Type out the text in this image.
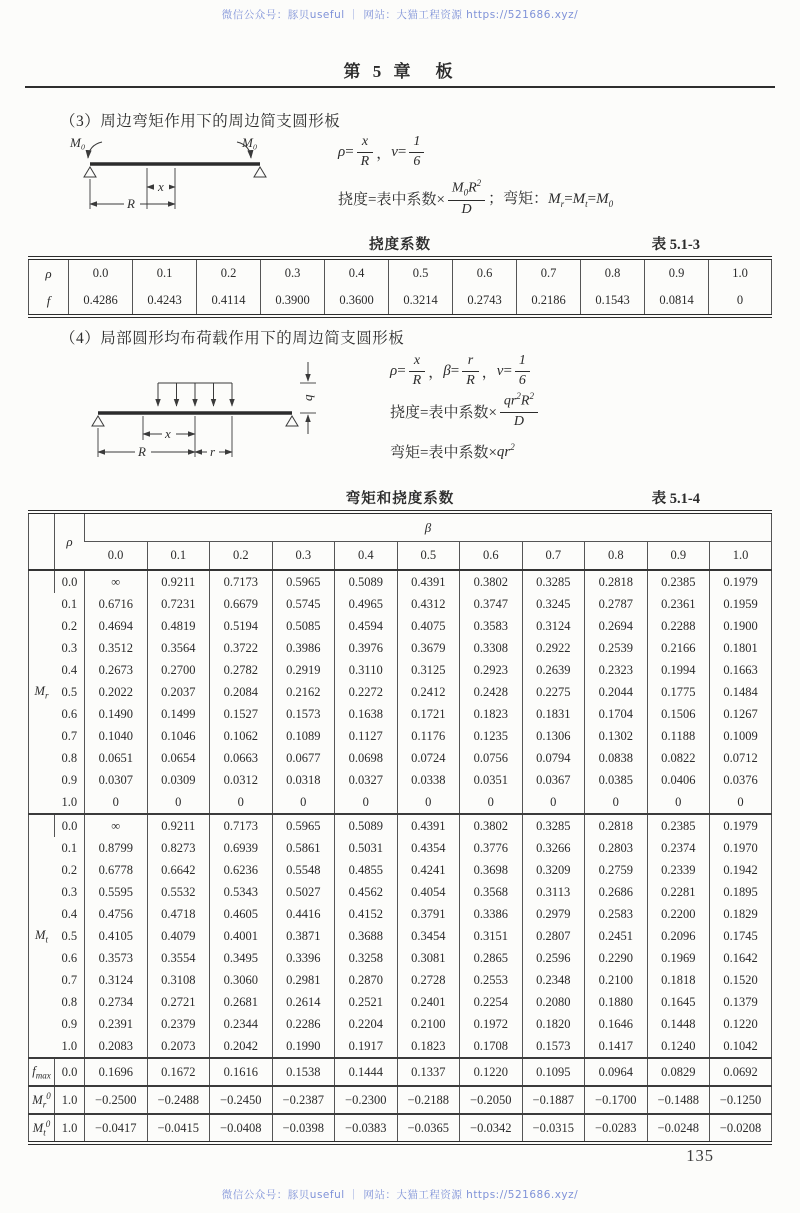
微信公众号：豚贝useful ｜ 网站：大猫工程资源 https://521686.xyz/
第 5 章　板
（3）周边弯矩作用下的周边简支圆形板
M₀	M₀
x
R
$\rho= \frac{x}{R}$ ， $\nu= \frac{1}{6}$
挠度=表中系数× $\frac{M_0R^2}{D}$ ；弯矩：$M_r=M_t=M_0$
挠度系数	表 5.1-3
ρ	0.0	0.1	0.2	0.3	0.4	0.5	0.6	0.7	0.8	0.9	1.0
f	0.4286	0.4243	0.4114	0.3900	0.3600	0.3214	0.2743	0.2186	0.1543	0.0814	0
（4）局部圆形均布荷载作用下的周边简支圆形板
q
x
R	r
$\rho= \frac{x}{R}$ ， $\beta= \frac{r}{R}$ ， $\nu= \frac{1}{6}$
挠度=表中系数× $\frac{qr^2R^2}{D}$
弯矩=表中系数× $qr^2$
弯矩和挠度系数	表 5.1-4
	ρ	β										
		0.0	0.1	0.2	0.3	0.4	0.5	0.6	0.7	0.8	0.9	1.0
$M_r$	0.0	∞	0.9211	0.7173	0.5965	0.5089	0.4391	0.3802	0.3285	0.2818	0.2385	0.1979
	0.1	0.6716	0.7231	0.6679	0.5745	0.4965	0.4312	0.3747	0.3245	0.2787	0.2361	0.1959
	0.2	0.4694	0.4819	0.5194	0.5085	0.4594	0.4075	0.3583	0.3124	0.2694	0.2288	0.1900
	0.3	0.3512	0.3564	0.3722	0.3986	0.3976	0.3679	0.3308	0.2922	0.2539	0.2166	0.1801
	0.4	0.2673	0.2700	0.2782	0.2919	0.3110	0.3125	0.2923	0.2639	0.2323	0.1994	0.1663
	0.5	0.2022	0.2037	0.2084	0.2162	0.2272	0.2412	0.2428	0.2275	0.2044	0.1775	0.1484
	0.6	0.1490	0.1499	0.1527	0.1573	0.1638	0.1721	0.1823	0.1831	0.1704	0.1506	0.1267
	0.7	0.1040	0.1046	0.1062	0.1089	0.1127	0.1176	0.1235	0.1306	0.1302	0.1188	0.1009
	0.8	0.0651	0.0654	0.0663	0.0677	0.0698	0.0724	0.0756	0.0794	0.0838	0.0822	0.0712
	0.9	0.0307	0.0309	0.0312	0.0318	0.0327	0.0338	0.0351	0.0367	0.0385	0.0406	0.0376
	1.0	0	0	0	0	0	0	0	0	0	0	0
$M_t$	0.0	∞	0.9211	0.7173	0.5965	0.5089	0.4391	0.3802	0.3285	0.2818	0.2385	0.1979
	0.1	0.8799	0.8273	0.6939	0.5861	0.5031	0.4354	0.3776	0.3266	0.2803	0.2374	0.1970
	0.2	0.6778	0.6642	0.6236	0.5548	0.4855	0.4241	0.3698	0.3209	0.2759	0.2339	0.1942
	0.3	0.5595	0.5532	0.5343	0.5027	0.4562	0.4054	0.3568	0.3113	0.2686	0.2281	0.1895
	0.4	0.4756	0.4718	0.4605	0.4416	0.4152	0.3791	0.3386	0.2979	0.2583	0.2200	0.1829
	0.5	0.4105	0.4079	0.4001	0.3871	0.3688	0.3454	0.3151	0.2807	0.2451	0.2096	0.1745
	0.6	0.3573	0.3554	0.3495	0.3396	0.3258	0.3081	0.2865	0.2596	0.2290	0.1969	0.1642
	0.7	0.3124	0.3108	0.3060	0.2981	0.2870	0.2728	0.2553	0.2348	0.2100	0.1818	0.1520
	0.8	0.2734	0.2721	0.2681	0.2614	0.2521	0.2401	0.2254	0.2080	0.1880	0.1645	0.1379
	0.9	0.2391	0.2379	0.2344	0.2286	0.2204	0.2100	0.1972	0.1820	0.1646	0.1448	0.1220
	1.0	0.2083	0.2073	0.2042	0.1990	0.1917	0.1823	0.1708	0.1573	0.1417	0.1240	0.1042
$f_{max}$	0.0	0.1696	0.1672	0.1616	0.1538	0.1444	0.1337	0.1220	0.1095	0.0964	0.0829	0.0692
$M_r^0$	1.0	−0.2500	−0.2488	−0.2450	−0.2387	−0.2300	−0.2188	−0.2050	−0.1887	−0.1700	−0.1488	−0.1250
$M_t^0$	1.0	−0.0417	−0.0415	−0.0408	−0.0398	−0.0383	−0.0365	−0.0342	−0.0315	−0.0283	−0.0248	−0.0208
135
微信公众号：豚贝useful ｜ 网站：大猫工程资源 https://521686.xyz/
